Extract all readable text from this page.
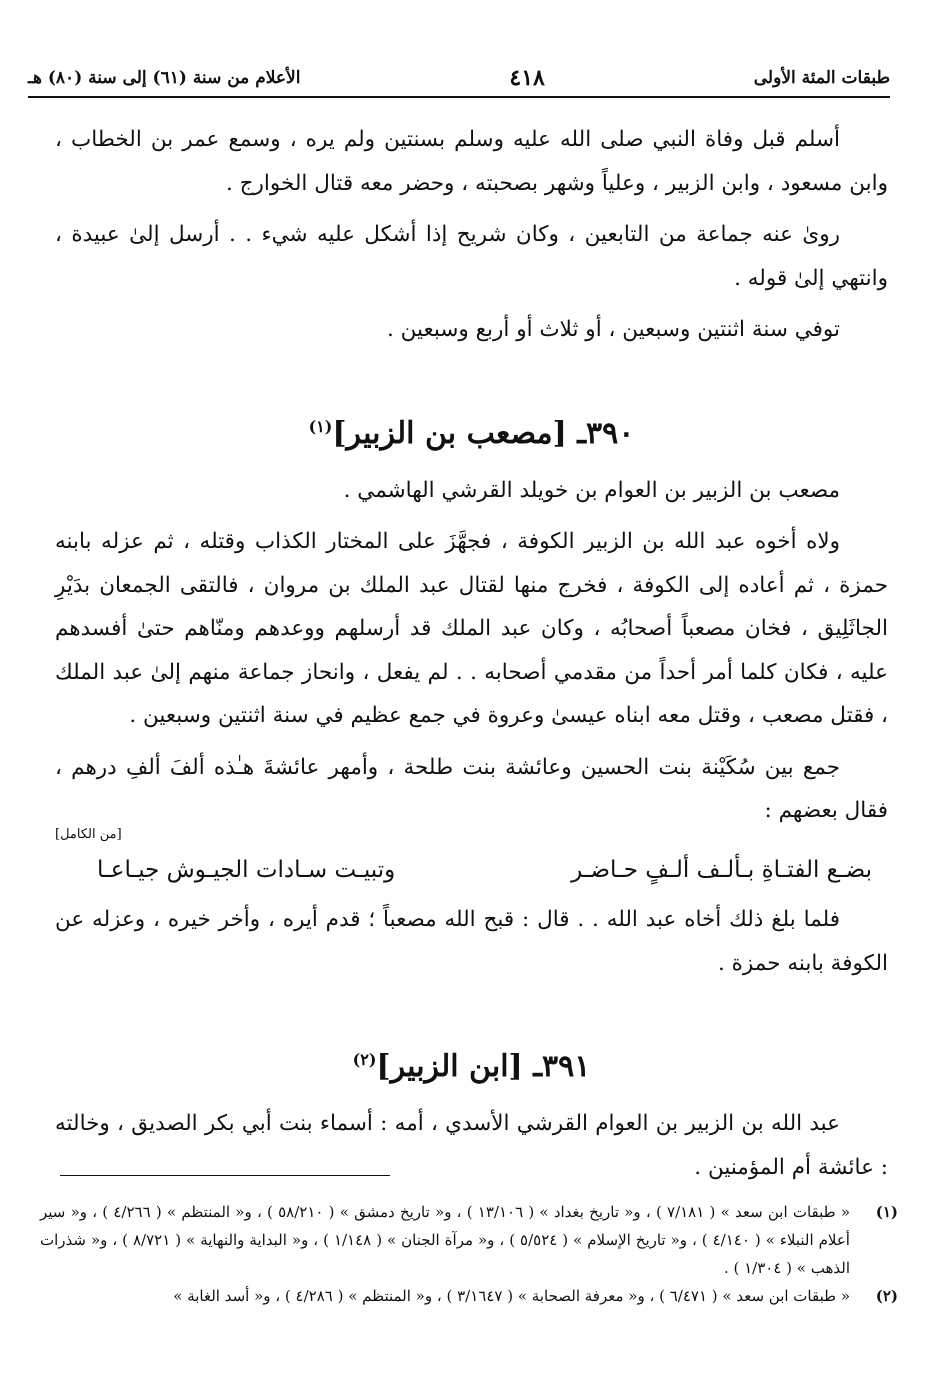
طبقات المئة الأولى
٤١٨
الأعلام من سنة (٦١) إلى سنة (٨٠) هـ

أسلم قبل وفاة النبي صلى الله عليه وسلم بسنتين ولم يره ، وسمع عمر بن الخطاب ، وابن مسعود ، وابن الزبير ، وعلياً وشهر بصحبته ، وحضر معه قتال الخوارج .

روىٰ عنه جماعة من التابعين ، وكان شريح إذا أشكل عليه شيء . . أرسل إلىٰ عبيدة ، وانتهي إلىٰ قوله .

توفي سنة اثنتين وسبعين ، أو ثلاث أو أربع وسبعين .

٣٩٠ـ [مصعب بن الزبير]$^{(١)}$

مصعب بن الزبير بن العوام بن خويلد القرشي الهاشمي .

ولاه أخوه عبد الله بن الزبير الكوفة ، فجهَّزَ على المختار الكذاب وقتله ، ثم عزله بابنه حمزة ، ثم أعاده إلى الكوفة ، فخرج منها لقتال عبد الملك بن مروان ، فالتقى الجمعان بدَيْرِ الجاثَلِيق ، فخان مصعباً أصحابُه ، وكان عبد الملك قد أرسلهم ووعدهم ومنّاهم حتىٰ أفسدهم عليه ، فكان كلما أمر أحداً من مقدمي أصحابه . . لم يفعل ، وانحاز جماعة منهم إلىٰ عبد الملك ، فقتل مصعب ، وقتل معه ابناه عيسىٰ وعروة في جمع عظيم في سنة اثنتين وسبعين .

جمع بين سُكَيْنة بنت الحسين وعائشة بنت طلحة ، وأمهر عائشةَ هـٰذه ألفَ ألفِ درهم ، فقال بعضهم :

[من الكامل]
بضـع الفتـاةِ بـألـف ألـفٍ حـاضـر
وتبيـت سـادات الجيـوش جيـاعـا

فلما بلغ ذلك أخاه عبد الله . . قال : قبح الله مصعباً ؛ قدم أيره ، وأخر خيره ، وعزله عن الكوفة بابنه حمزة .

٣٩١ـ [ابن الزبير]$^{(٢)}$

عبد الله بن الزبير بن العوام القرشي الأسدي ، أمه : أسماء بنت أبي بكر الصديق ، وخالته : عائشة أم المؤمنين .

(١)
« طبقات ابن سعد » ( ٧/١٨١ ) ، و« تاريخ بغداد » ( ١٣/١٠٦ ) ، و« تاريخ دمشق » ( ٥٨/٢١٠ ) ، و« المنتظم » ( ٤/٢٦٦ ) ، و« سير أعلام النبلاء » ( ٤/١٤٠ ) ، و« تاريخ الإسلام » ( ٥/٥٢٤ ) ، و« مرآة الجنان » ( ١/١٤٨ ) ، و« البداية والنهاية » ( ٨/٧٢١ ) ، و« شذرات الذهب » ( ١/٣٠٤ ) .
(٢)
« طبقات ابن سعد » ( ٦/٤٧١ ) ، و« معرفة الصحابة » ( ٣/١٦٤٧ ) ، و« المنتظم » ( ٤/٢٨٦ ) ، و« أسد الغابة »
